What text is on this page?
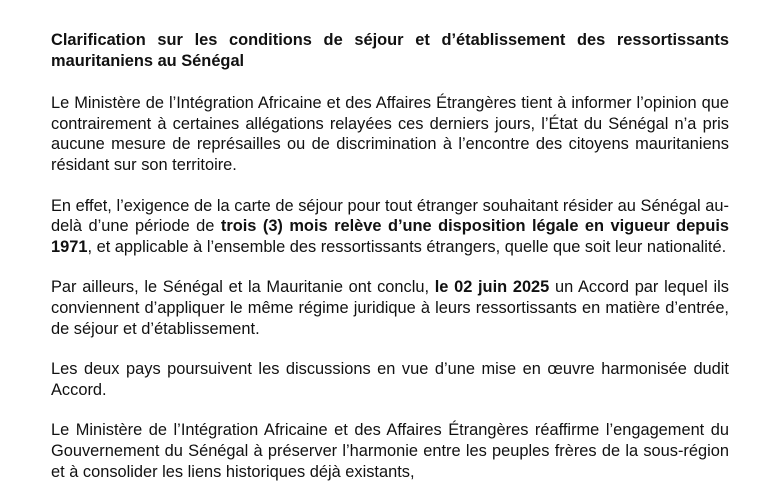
Clarification sur les conditions de séjour et d’établissement des ressortissants mauritaniens au Sénégal

Le Ministère de l’Intégration Africaine et des Affaires Étrangères tient à informer l’opinion que contrairement à certaines allégations relayées ces derniers jours, l’État du Sénégal n’a pris aucune mesure de représailles ou de discrimination à l’encontre des citoyens mauritaniens résidant sur son territoire.

En effet, l’exigence de la carte de séjour pour tout étranger souhaitant résider au Sénégal au-delà d’une période de trois (3) mois relève d’une disposition légale en vigueur depuis 1971, et applicable à l’ensemble des ressortissants étrangers, quelle que soit leur nationalité.

Par ailleurs, le Sénégal et la Mauritanie ont conclu, le 02 juin 2025 un Accord par lequel ils conviennent d’appliquer le même régime juridique à leurs ressortissants en matière d’entrée, de séjour et d’établissement.

Les deux pays poursuivent les discussions en vue d’une mise en œuvre harmonisée dudit Accord.

Le Ministère de l’Intégration Africaine et des Affaires Étrangères réaffirme l’engagement du Gouvernement du Sénégal à préserver l’harmonie entre les peuples frères de la sous-région et à consolider les liens historiques déjà existants,
